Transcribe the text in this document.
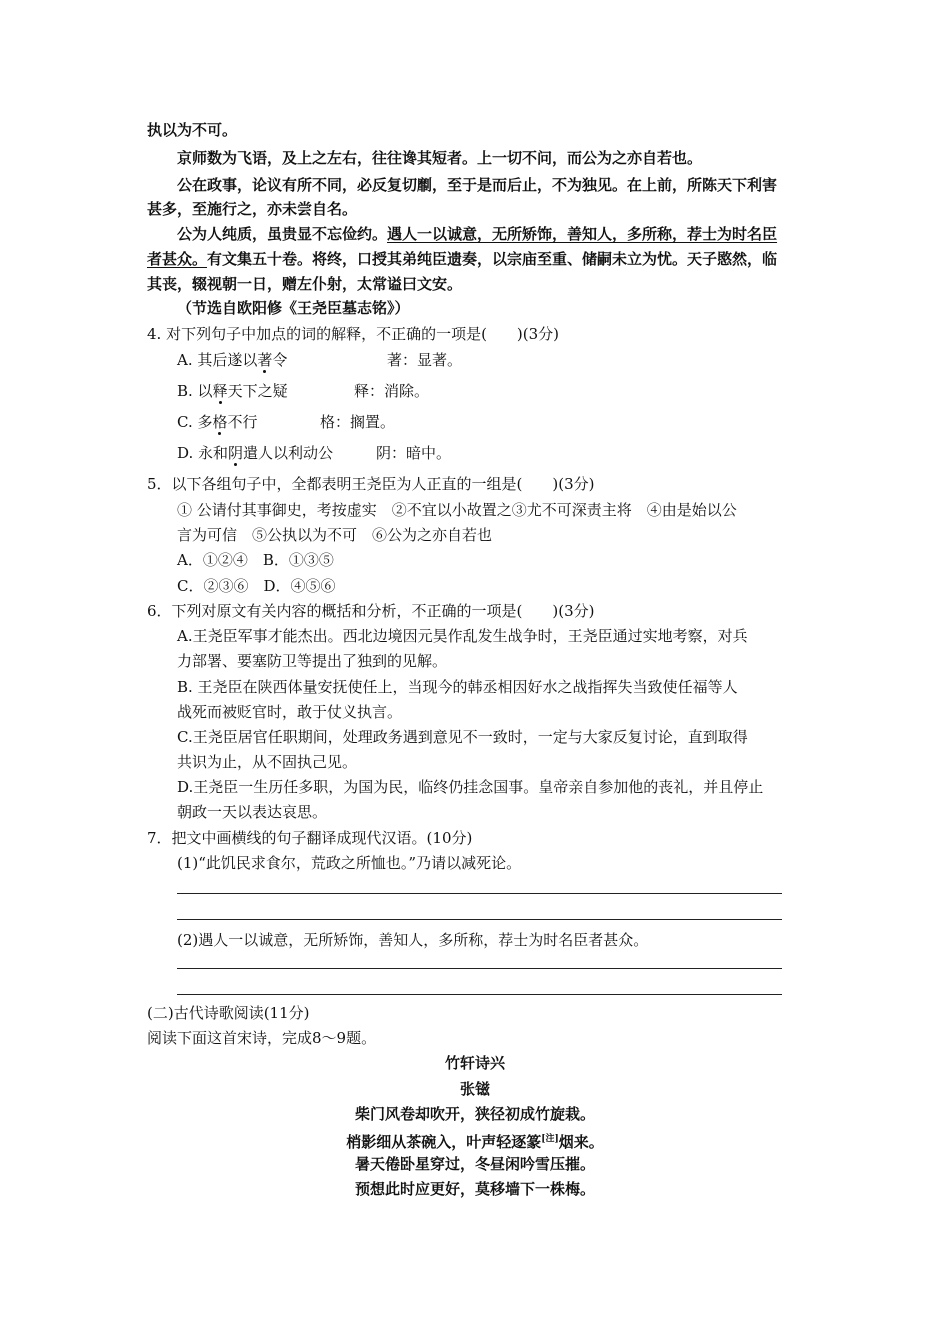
执以为不可。
京师数为飞语，及上之左右，往往谗其短者。上一切不问，而公为之亦自若也。
公在政事，论议有所不同，必反复切劘，至于是而后止，不为独见。在上前，所陈天下利害
甚多，至施行之，亦未尝自名。
公为人纯质，虽贵显不忘俭约。遇人一以诚意，无所矫饰，善知人，多所称，荐士为时名臣
者甚众。有文集五十卷。将终，口授其弟纯臣遗奏，以宗庙至重、储嗣未立为忧。天子愍然，临
其丧，辍视朝一日，赠左仆射，太常谥曰文安。
（节选自欧阳修《王尧臣墓志铭》）
4. 对下列句子中加点的词的解释，不正确的一项是(　　)(3分)
A. 其后遂以著令	著：显著。
B. 以释天下之疑	释：消除。
C. 多格不行	格：搁置。
D. 永和阴遣人以利动公	阴：暗中。
5．以下各组句子中，全都表明王尧臣为人正直的一组是(　　)(3分)
① 公请付其事御史，考按虚实　②不宜以小故置之③尤不可深责主将　④由是始以公
言为可信　⑤公执以为不可　⑥公为之亦自若也
A．①②④　B．①③⑤
C．②③⑥　D．④⑤⑥
6．下列对原文有关内容的概括和分析，不正确的一项是(　　)(3分)
A.王尧臣军事才能杰出。西北边境因元昊作乱发生战争时，王尧臣通过实地考察，对兵
力部署、要塞防卫等提出了独到的见解。
B. 王尧臣在陕西体量安抚使任上，当现今的韩丞相因好水之战指挥失当致使任福等人
战死而被贬官时，敢于仗义执言。
C.王尧臣居官任职期间，处理政务遇到意见不一致时，一定与大家反复讨论，直到取得
共识为止，从不固执己见。
D.王尧臣一生历任多职，为国为民，临终仍挂念国事。皇帝亲自参加他的丧礼，并且停止
朝政一天以表达哀思。
7．把文中画横线的句子翻译成现代汉语。(10分)
(1)“此饥民求食尔，荒政之所恤也。”乃请以减死论。
(2)遇人一以诚意，无所矫饰，善知人，多所称，荐士为时名臣者甚众。
(二)古代诗歌阅读(11分)
阅读下面这首宋诗，完成8～9题。
竹轩诗兴
张镃
柴门风卷却吹开，狭径初成竹旋栽。
梢影细从茶碗入，叶声轻逐篆[注]烟来。
暑天倦卧星穿过，冬昼闲吟雪压摧。
预想此时应更好，莫移墙下一株梅。
